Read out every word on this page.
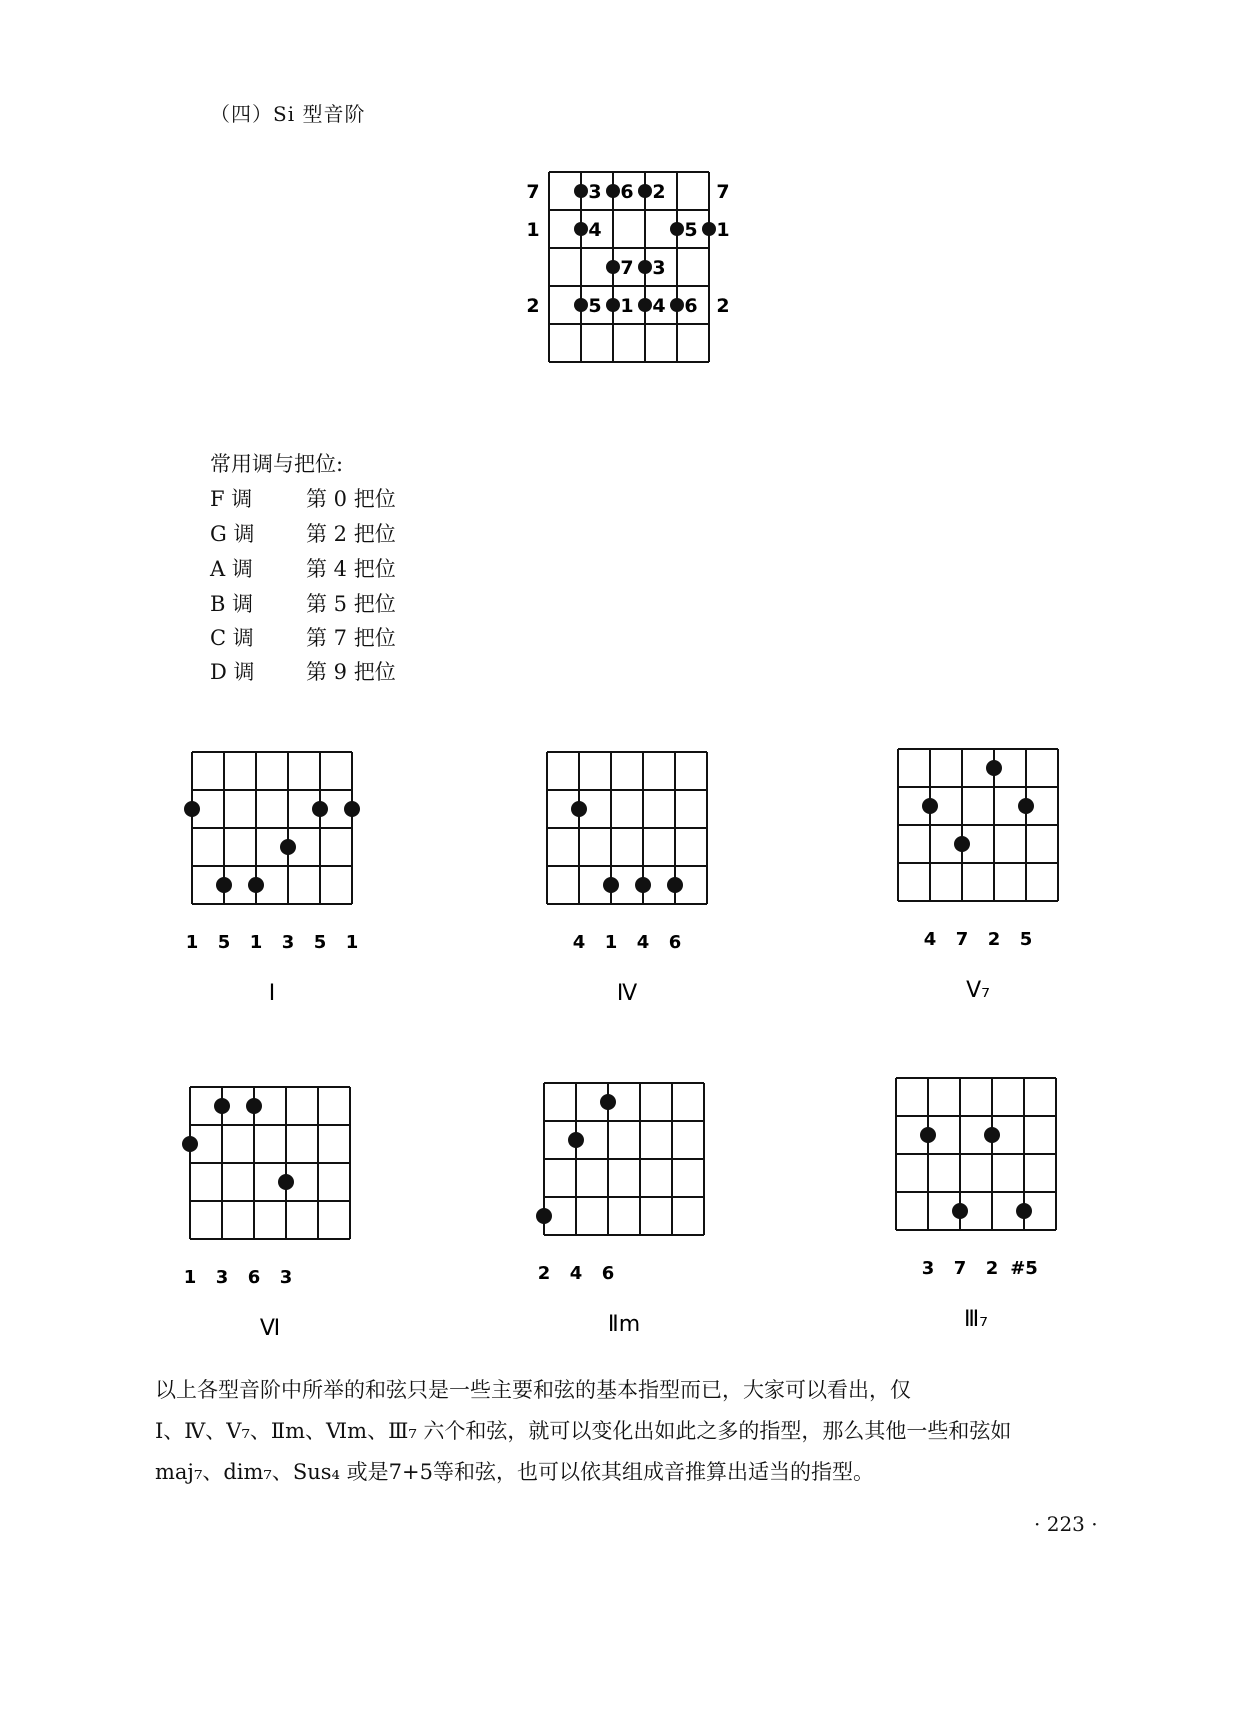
（四）Si 型音阶
7	3 6 2	7
1	4	5 1
7 3
2	5 1 4 6 2
常用调与把位:
F 调	第 0 把位
G 调 第 2 把位
A 调	第 4 把位
B 调	第 5 把位
C 调 第 7 把位
D 调 第 9 把位
1 5 1 3 5 1
I
4 1 4 6
Ⅳ
4 7 2 5
V₇
1 3 6 3
Ⅵ
2 4 6
Ⅱm
3 7 2 #5
Ⅲ₇

以上各型音阶中所举的和弦只是一些主要和弦的基本指型而已，大家可以看出，仅

Ⅰ、Ⅳ、V₇、Ⅱm、Ⅵm、Ⅲ₇ 六个和弦，就可以变化出如此之多的指型，那么其他一些和弦如

maj₇、dim₇、Sus₄ 或是7+5等和弦，也可以依其组成音推算出适当的指型。

· 223 ·
